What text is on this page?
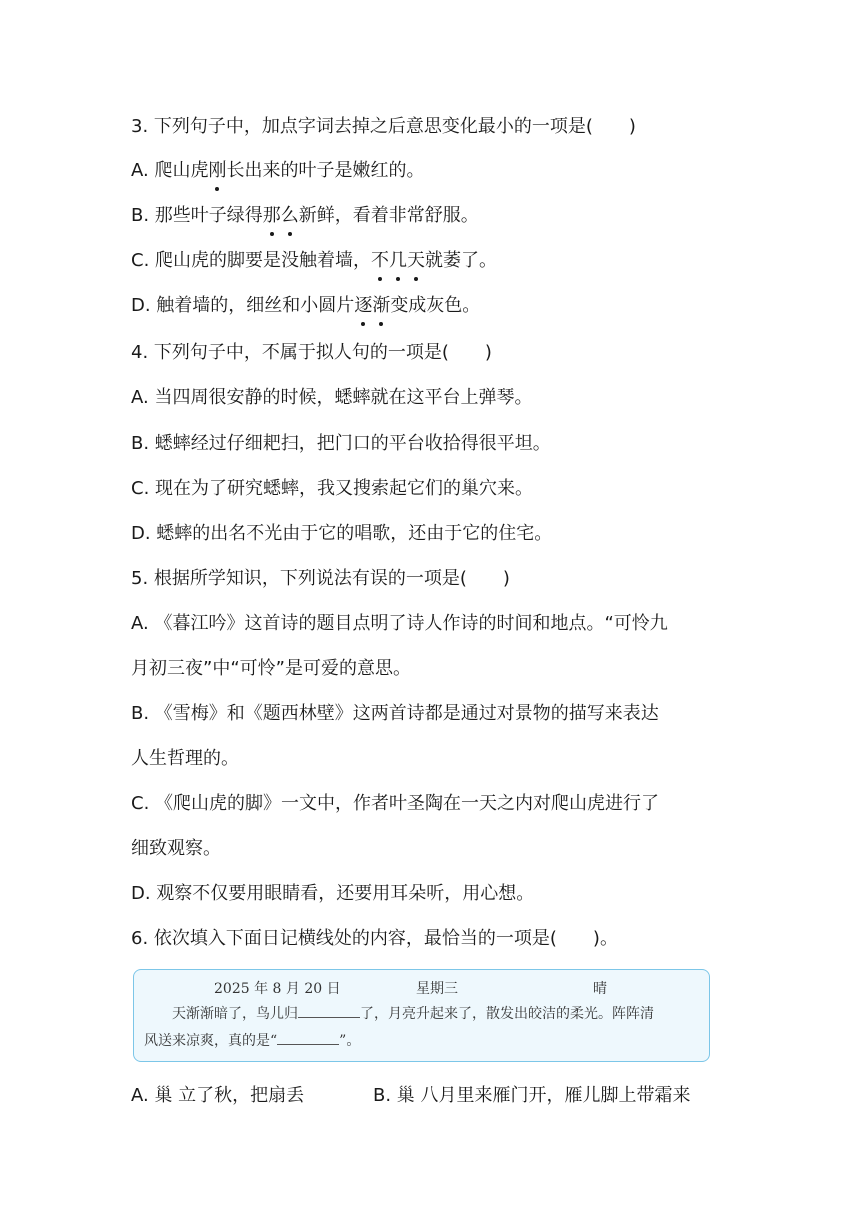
3. 下列句子中，加点字词去掉之后意思变化最小的一项是( )

A. 爬山虎刚长出来的叶子是嫩红的。

B. 那些叶子绿得那么新鲜，看着非常舒服。

C. 爬山虎的脚要是没触着墙，不几天就萎了。

D. 触着墙的，细丝和小圆片逐渐变成灰色。

4. 下列句子中，不属于拟人句的一项是( )

A. 当四周很安静的时候，蟋蟀就在这平台上弹琴。

B. 蟋蟀经过仔细耙扫，把门口的平台收拾得很平坦。

C. 现在为了研究蟋蟀，我又搜索起它们的巢穴来。

D. 蟋蟀的出名不光由于它的唱歌，还由于它的住宅。

5. 根据所学知识，下列说法有误的一项是( )

A. 《暮江吟》这首诗的题目点明了诗人作诗的时间和地点。“可怜九

月初三夜”中“可怜”是可爱的意思。

B. 《雪梅》和《题西林壁》这两首诗都是通过对景物的描写来表达

人生哲理的。

C. 《爬山虎的脚》一文中，作者叶圣陶在一天之内对爬山虎进行了

细致观察。

D. 观察不仅要用眼睛看，还要用耳朵听，用心想。

6. 依次填入下面日记横线处的内容，最恰当的一项是( )。

2025 年 8 月 20 日	星期三	晴
天渐渐暗了，鸟儿归	了，月亮升起来了，散发出皎洁的柔光。阵阵清
风送来凉爽，真的是“	”。
A. 巢 立了秋，把扇丢	B. 巢 八月里来雁门开，雁儿脚上带霜来
